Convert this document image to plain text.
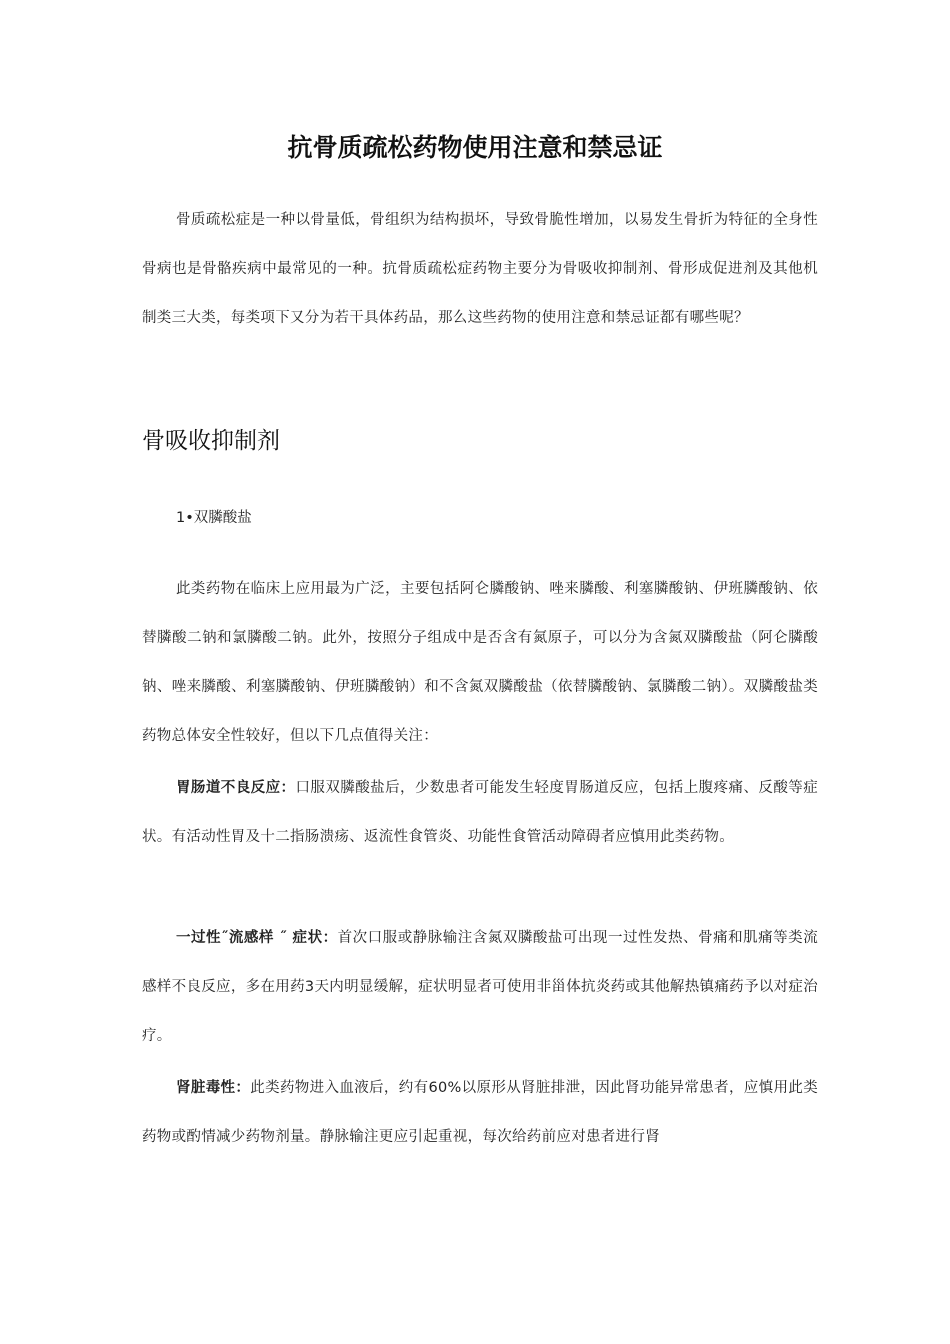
抗骨质疏松药物使用注意和禁忌证

骨质疏松症是一种以骨量低，骨组织为结构损坏，导致骨脆性增加，以易发生骨折为特征的全身性骨病也是骨骼疾病中最常见的一种。抗骨质疏松症药物主要分为骨吸收抑制剂、骨形成促进剂及其他机制类三大类，每类项下又分为若干具体药品，那么这些药物的使用注意和禁忌证都有哪些呢？

骨吸收抑制剂

1•双膦酸盐

此类药物在临床上应用最为广泛，主要包括阿仑膦酸钠、唑来膦酸、利塞膦酸钠、伊班膦酸钠、依替膦酸二钠和氯膦酸二钠。此外，按照分子组成中是否含有氮原子，可以分为含氮双膦酸盐（阿仑膦酸钠、唑来膦酸、利塞膦酸钠、伊班膦酸钠）和不含氮双膦酸盐（依替膦酸钠、氯膦酸二钠）。双膦酸盐类药物总体安全性较好，但以下几点值得关注：

胃肠道不良反应：口服双膦酸盐后，少数患者可能发生轻度胃肠道反应，包括上腹疼痛、反酸等症状。有活动性胃及十二指肠溃疡、返流性食管炎、功能性食管活动障碍者应慎用此类药物。

一过性˝流感样 ˝ 症状：首次口服或静脉输注含氮双膦酸盐可出现一过性发热、骨痛和肌痛等类流感样不良反应，多在用药3天内明显缓解，症状明显者可使用非甾体抗炎药或其他解热镇痛药予以对症治疗。

肾脏毒性：此类药物进入血液后，约有60%以原形从肾脏排泄，因此肾功能异常患者，应慎用此类药物或酌情减少药物剂量。静脉输注更应引起重视，每次给药前应对患者进行肾
